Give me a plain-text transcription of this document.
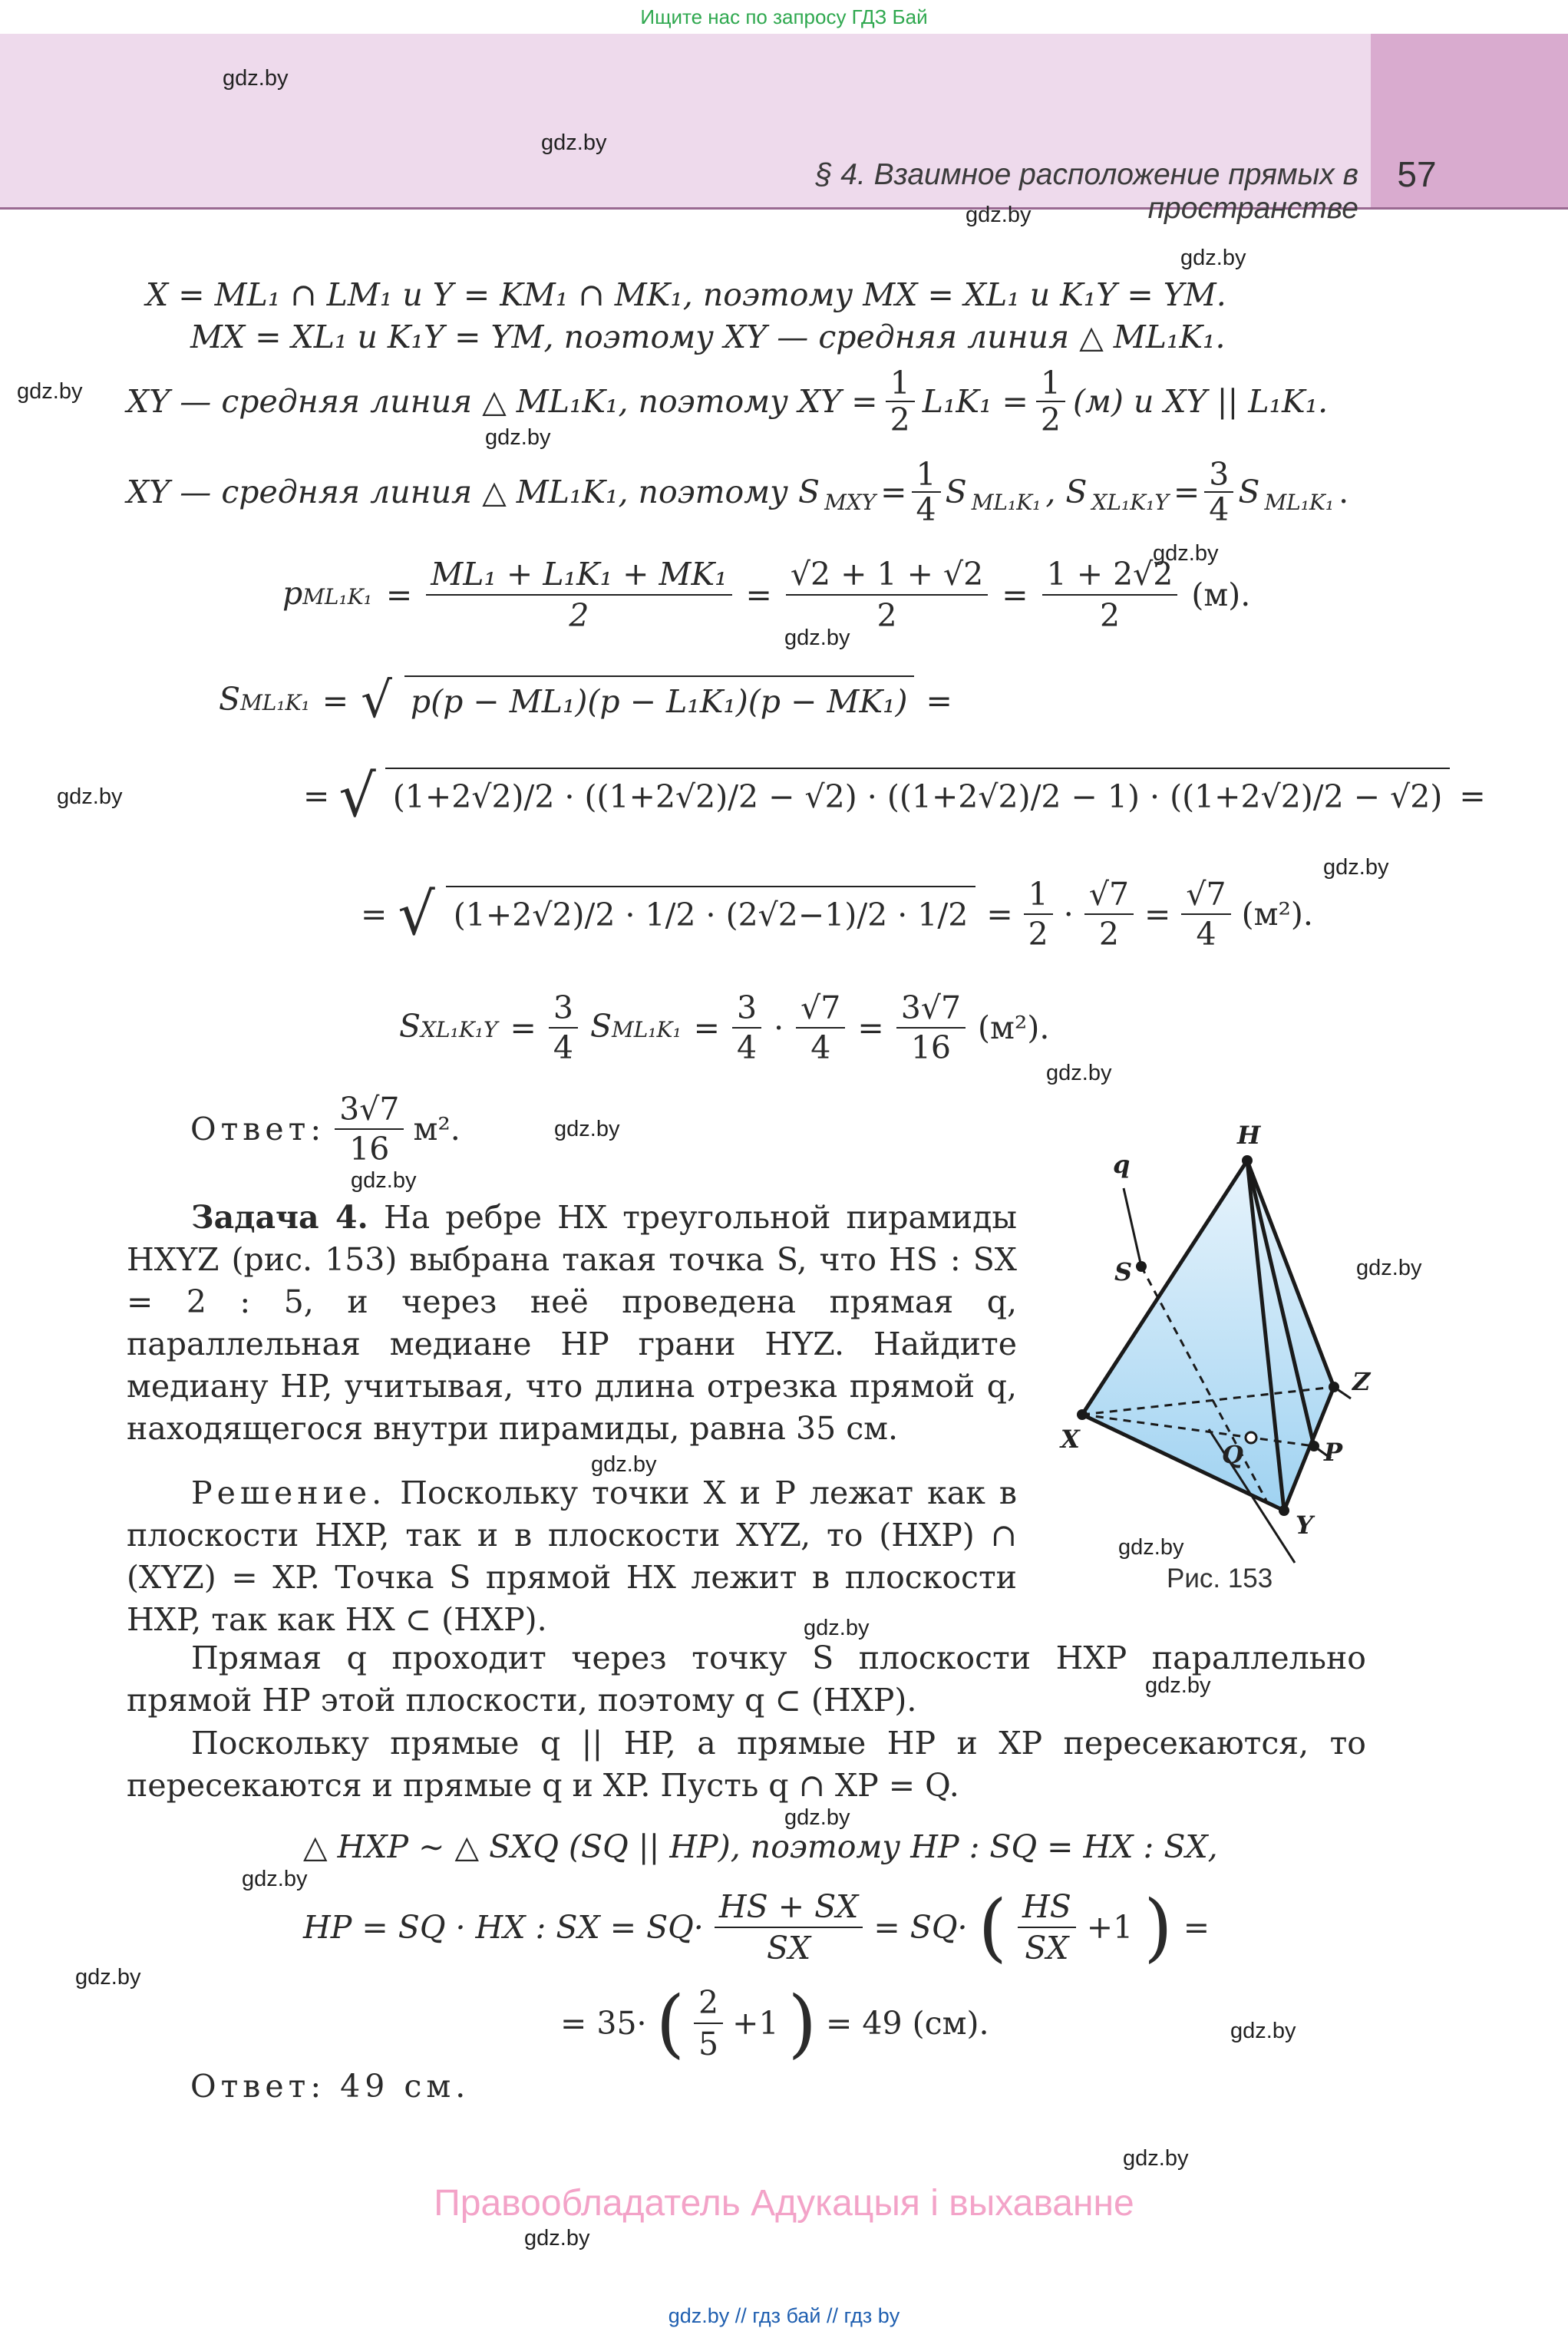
Ищите нас по запросу ГДЗ Бай
§ 4. Взаимное расположение прямых в пространстве
57
gdz.by
gdz.by
gdz.by
gdz.by
gdz.by
gdz.by
gdz.by
gdz.by
gdz.by
gdz.by
gdz.by
gdz.by
gdz.by
gdz.by
gdz.by
gdz.by
gdz.by
gdz.by
gdz.by
gdz.by
gdz.by
gdz.by
gdz.by
gdz.by
X = ML₁ ∩ LM₁ и Y = KM₁ ∩ MK₁, поэтому MX = XL₁ и K₁Y = YM.
MX = XL₁ и K₁Y = YM, поэтому XY — средняя линия △ ML₁K₁.
XY — средняя линия △ ML₁K₁, поэтому XY = $\frac{1}{2} L_1K_1 = \frac{1}{2} (м)$ и XY || L₁K₁.
XY — средняя линия △ ML₁K₁, поэтому S MXY = $\frac{1}{4}$ S ML₁K₁ , S $XL_1K_1Y = \frac{3}{4}$ S ML₁K₁ .
$pML_1K_1 = \frac{\text{ML₁ + L₁K₁ + MK₁}}{2} = \frac{√2 + 1 + √2}{2} = \frac{1 + 2√2}{2} (м)$.
SML₁K₁ = √ p(p − ML₁)(p − L₁K₁)(p − MK₁) =
= √ (1+2√2)/2 · ((1+2√2)/2 − √2) · ((1+2√2)/2 − 1) · ((1+2√2)/2 − √2) =
= √ $(1+2√2)/2 \cdot 1/2 \cdot (2√2-1)/2 \cdot 1/2 = \frac{1}{2} \cdot \frac{√7}{2} = \frac{√7}{4} (м^2)$.
$SXL_1K_1Y = \frac{3}{4} SML_1K_1 = \frac{3}{4} \cdot \frac{√7}{4} = \frac{3√7}{16} (м^2)$.
Ответ: $\frac{3√7}{16} м^2$.
Задача 4. На ребре HX треугольной пирамиды HXYZ (рис. 153) выбрана такая точка S, что HS : SX = 2 : 5, и через неё проведена прямая q, параллельная медиане HP грани HYZ. Найдите медиану HP, учитывая, что длина отрезка прямой q, находящегося внутри пирамиды, равна 35 см.
Решение. Поскольку точки X и P лежат как в плоскости HXP, так и в плоскости XYZ, то (HXP) ∩ (XYZ) = XP. Точка S прямой HX лежит в плоскости HXP, так как HX ⊂ (HXP).
Прямая q проходит через точку S плоскости HXP параллельно прямой HP этой плоскости, поэтому q ⊂ (HXP).
Поскольку прямые q || HP, а прямые HP и XP пересекаются, то пересекаются и прямые q и XP. Пусть q ∩ XP = Q.
△ HXP ∼ △ SXQ (SQ || HP), поэтому HP : SQ = HX : SX,
HP = SQ · HX : SX = $SQ\cdot \frac{HS + SX}{SX} = SQ\cdot$ ( $\frac{HS}{SX} +1$ ) =
= 35· ( $\frac{2}{5} +1$ ) = 49 (см).
Ответ: 49 см.
H
q
S
Z
X
Q	P
Y
Рис. 153
Правообладатель Адукацыя і выхаванне
gdz.by // гдз бай // гдз by
